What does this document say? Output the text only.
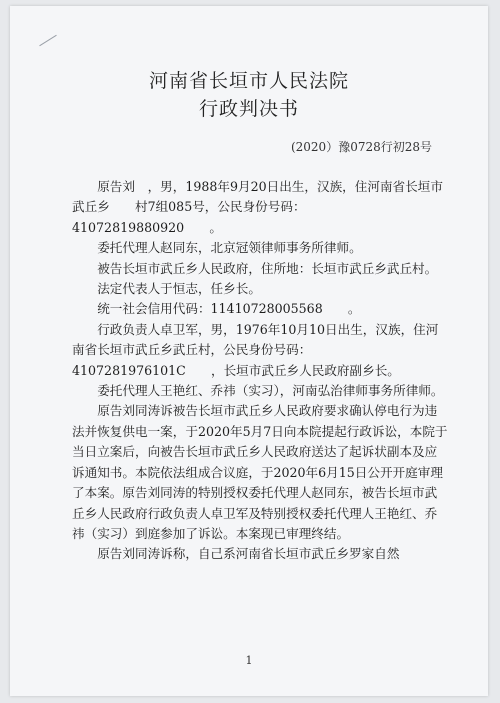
河南省长垣市人民法院
行政判决书
(2020）豫0728行初28号

原告刘　，男，1988年9月20日出生，汉族，住河南省长垣市武丘乡　　村7组085号，公民身份号码：41072819880920　　。

委托代理人赵同东，北京冠领律师事务所律师。

被告长垣市武丘乡人民政府，住所地：长垣市武丘乡武丘村。

法定代表人于恒志，任乡长。

统一社会信用代码：11410728005568　　。

行政负责人卓卫军，男，1976年10月10日出生，汉族，住河南省长垣市武丘乡武丘村，公民身份号码：4107281976101C　　，长垣市武丘乡人民政府副乡长。

委托代理人王艳红、乔祎（实习），河南弘治律师事务所律师。

原告刘同涛诉被告长垣市武丘乡人民政府要求确认停电行为违法并恢复供电一案，于2020年5月7日向本院提起行政诉讼，本院于当日立案后，向被告长垣市武丘乡人民政府送达了起诉状副本及应诉通知书。本院依法组成合议庭，于2020年6月15日公开开庭审理了本案。原告刘同涛的特别授权委托代理人赵同东，被告长垣市武丘乡人民政府行政负责人卓卫军及特别授权委托代理人王艳红、乔祎（实习）到庭参加了诉讼。本案现已审理终结。

原告刘同涛诉称，自己系河南省长垣市武丘乡罗家自然

1
